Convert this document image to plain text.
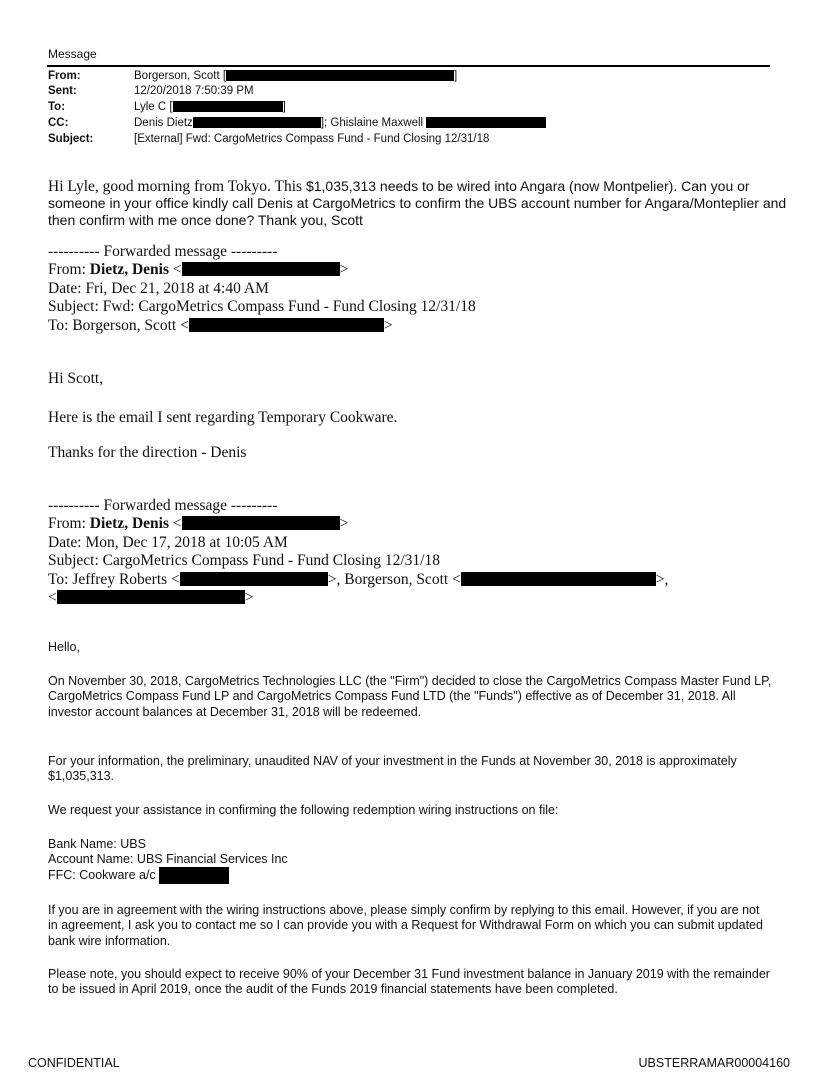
Message
From:	Borgerson, Scott [	]
Sent:	12/20/2018 7:50:39 PM
To:	Lyle C [	]
CC:	Denis Dietz	]; Ghislaine Maxwell
Subject:	[External] Fwd: CargoMetrics Compass Fund - Fund Closing 12/31/18
Hi Lyle, good morning from Tokyo. This $1,035,313 needs to be wired into Angara (now Montpelier). Can you or someone in your office kindly call Denis at CargoMetrics to confirm the UBS account number for Angara/Monteplier and then confirm with me once done? Thank you, Scott
---------- Forwarded message ---------
From: Dietz, Denis <	>
Date: Fri, Dec 21, 2018 at 4:40 AM
Subject: Fwd: CargoMetrics Compass Fund - Fund Closing 12/31/18
To: Borgerson, Scott <	>
Hi Scott,
Here is the email I sent regarding Temporary Cookware.
Thanks for the direction - Denis
---------- Forwarded message ---------
From: Dietz, Denis <	>
Date: Mon, Dec 17, 2018 at 10:05 AM
Subject: CargoMetrics Compass Fund - Fund Closing 12/31/18
To: Jeffrey Roberts <	>, Borgerson, Scott <	>,
<	>
Hello,
On November 30, 2018, CargoMetrics Technologies LLC (the "Firm") decided to close the CargoMetrics Compass Master Fund LP, CargoMetrics Compass Fund LP and CargoMetrics Compass Fund LTD (the "Funds") effective as of December 31, 2018. All investor account balances at December 31, 2018 will be redeemed.
For your information, the preliminary, unaudited NAV of your investment in the Funds at November 30, 2018 is approximately $1,035,313.
We request your assistance in confirming the following redemption wiring instructions on file:
Bank Name: UBS
Account Name: UBS Financial Services Inc
FFC: Cookware a/c
If you are in agreement with the wiring instructions above, please simply confirm by replying to this email. However, if you are not in agreement, I ask you to contact me so I can provide you with a Request for Withdrawal Form on which you can submit updated bank wire information.
Please note, you should expect to receive 90% of your December 31 Fund investment balance in January 2019 with the remainder to be issued in April 2019, once the audit of the Funds 2019 financial statements have been completed.
CONFIDENTIAL	UBSTERRAMAR00004160
